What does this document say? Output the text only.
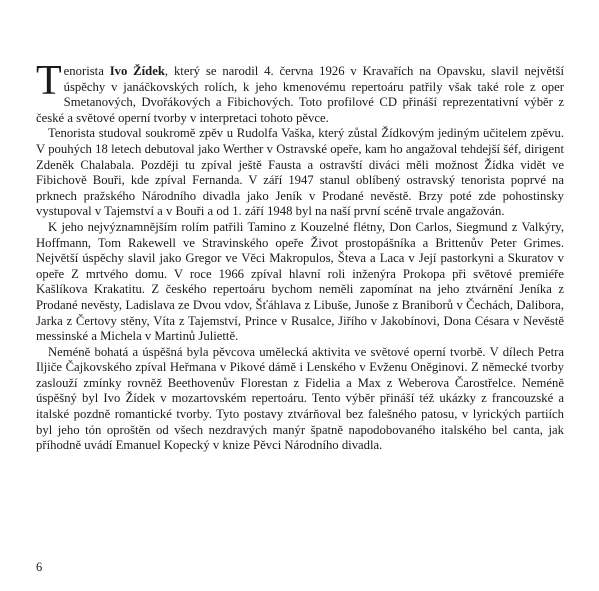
Tenorista Ivo Žídek, který se narodil 4. června 1926 v Kravařích na Opavsku, slavil největší úspěchy v janáčkovských rolích, k jeho kmenovému repertoáru patřily však také role z oper Smetanových, Dvořákových a Fibichových. Toto profilové CD přináší reprezentativní výběr z české a světové operní tvorby v interpretaci tohoto pěvce.

Tenorista studoval soukromě zpěv u Rudolfa Vaška, který zůstal Žídkovým jediným učitelem zpěvu. V pouhých 18 letech debutoval jako Werther v Ostravské opeře, kam ho angažoval tehdejší šéf, dirigent Zdeněk Chalabala. Později tu zpíval ještě Fausta a ostravští diváci měli možnost Žídka vidět ve Fibichově Bouři, kde zpíval Fernanda. V září 1947 stanul oblíbený ostravský tenorista poprvé na prknech pražského Národního divadla jako Jeník v Prodané nevěstě. Brzy poté zde pohostinsky vystupoval v Tajemství a v Bouři a od 1. září 1948 byl na naší první scéně trvale angažován.

K jeho nejvýznamnějším rolím patřili Tamino z Kouzelné flétny, Don Carlos, Siegmund z Valkýry, Hoffmann, Tom Rakewell ve Stravinského opeře Život prostopášníka a Brittenův Peter Grimes. Největší úspěchy slavil jako Gregor ve Věci Makropulos, Števa a Laca v Její pastorkyni a Skuratov v opeře Z mrtvého domu. V roce 1966 zpíval hlavní roli inženýra Prokopa při světové premiéře Kašlíkova Krakatitu. Z českého repertoáru bychom neměli zapomínat na jeho ztvárnění Jeníka z Prodané nevěsty, Ladislava ze Dvou vdov, Šťáhlava z Libuše, Junoše z Braniborů v Čechách, Dalibora, Jarka z Čertovy stěny, Víta z Tajemství, Prince v Rusalce, Jiřího v Jakobínovi, Dona Césara v Nevěstě messinské a Michela v Martinů Juliettě.

Neméně bohatá a úspěšná byla pěvcova umělecká aktivita ve světové operní tvorbě. V dílech Petra Iljiče Čajkovského zpíval Heřmana v Pikové dámě i Lenského v Evženu Oněginovi. Z německé tvorby zaslouží zmínky rovněž Beethovenův Florestan z Fidelia a Max z Weberova Čarostřelce. Neméně úspěšný byl Ivo Žídek v mozartovském repertoáru. Tento výběr přináší též ukázky z francouzské a italské pozdně romantické tvorby. Tyto postavy ztvárňoval bez falešného patosu, v lyrických partiích byl jeho tón oproštěn od všech nezdravých manýr špatně napodobovaného italského bel canta, jak příhodně uvádí Emanuel Kopecký v knize Pěvci Národního divadla.

6
